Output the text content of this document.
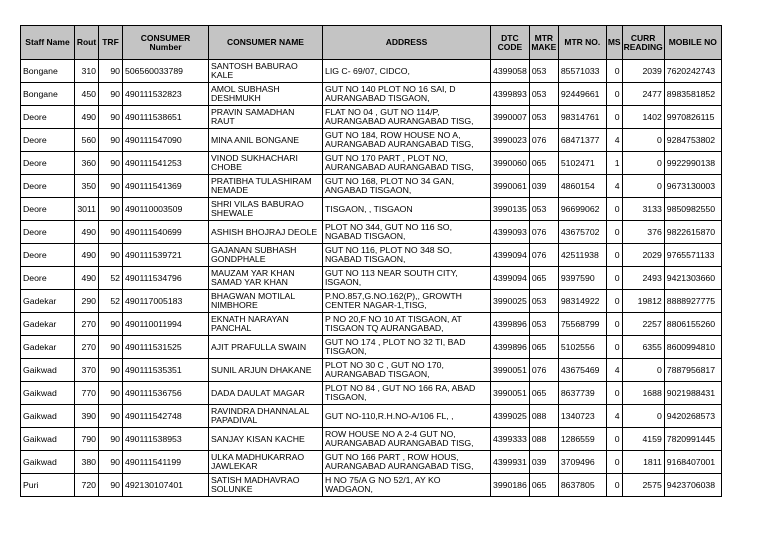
Staff Name	Rout	TRF	CONSUMER Number	CONSUMER NAME	ADDRESS	DTC CODE	MTR MAKE	MTR NO.	MS	CURR READING	MOBILE NO
Bongane	310	90	506560033789	SANTOSH BABURAO KALE	LIG C- 69/07, CIDCO,	4399058	053	85571033	0	2039	7620242743
Bongane	450	90	490111532823	AMOL SUBHASH DESHMUKH	GUT NO 140 PLOT NO 16 SAI, D AURANGABAD TISGAON,	4399893	053	92449661	0	2477	8983581852
Deore	490	90	490111538651	PRAVIN SAMADHAN RAUT	FLAT NO 04 , GUT NO 114/P, AURANGABAD AURANGABAD TISG,	3990007	053	98314761	0	1402	9970826115
Deore	560	90	490111547090	MINA ANIL BONGANE	GUT NO 184, ROW HOUSE NO A, AURANGABAD AURANGABAD TISG,	3990023	076	68471377	4	0	9284753802
Deore	360	90	490111541253	VINOD SUKHACHARI CHOBE	GUT NO 170 PART , PLOT NO, AURANGABAD AURANGABAD TISG,	3990060	065	5102471	1	0	9922990138
Deore	350	90	490111541369	PRATIBHA TULASHIRAM NEMADE	GUT NO 168, PLOT NO 34 GAN, ANGABAD TISGAON,	3990061	039	4860154	4	0	9673130003
Deore	3011	90	490110003509	SHRI VILAS BABURAO SHEWALE	TISGAON, , TISGAON	3990135	053	96699062	0	3133	9850982550
Deore	490	90	490111540699	ASHISH BHOJRAJ DEOLE	PLOT NO 344, GUT NO 116 SO, NGABAD TISGAON,	4399093	076	43675702	0	376	9822615870
Deore	490	90	490111539721	GAJANAN SUBHASH GONDPHALE	GUT NO 116, PLOT NO 348 SO, NGABAD TISGAON,	4399094	076	42511938	0	2029	9765571133
Deore	490	52	490111534796	MAUZAM YAR KHAN SAMAD YAR KHAN	GUT NO 113 NEAR SOUTH CITY, ISGAON,	4399094	065	9397590	0	2493	9421303660
Gadekar	290	52	490117005183	BHAGWAN MOTILAL NIMBHORE	P.NO.857,G.NO.162(P),, GROWTH CENTER NAGAR-1,TISG,	3990025	053	98314922	0	19812	8888927775
Gadekar	270	90	490110011994	EKNATH NARAYAN PANCHAL	P NO 20,F NO 10 AT TISGAON, AT TISGAON TQ AURANGABAD,	4399896	053	75568799	0	2257	8806155260
Gadekar	270	90	490111531525	AJIT PRAFULLA SWAIN	GUT NO 174 , PLOT NO 32 TI, BAD TISGAON,	4399896	065	5102556	0	6355	8600994810
Gaikwad	370	90	490111535351	SUNIL ARJUN DHAKANE	PLOT NO 30 C , GUT NO 170, AURANGABAD TISGAON,	3990051	076	43675469	4	0	7887956817
Gaikwad	770	90	490111536756	DADA DAULAT MAGAR	PLOT NO 84 , GUT NO 166 RA, ABAD TISGAON,	3990051	065	8637739	0	1688	9021988431
Gaikwad	390	90	490111542748	RAVINDRA DHANNALAL PAPADIVAL	GUT NO-110,R.H.NO-A/106 FL, ,	4399025	088	1340723	4	0	9420268573
Gaikwad	790	90	490111538953	SANJAY KISAN KACHE	ROW HOUSE NO A 2-4 GUT NO, AURANGABAD AURANGABAD TISG,	4399333	088	1286559	0	4159	7820991445
Gaikwad	380	90	490111541199	ULKA MADHUKARRAO JAWLEKAR	GUT NO 166 PART , ROW HOUS, AURANGABAD AURANGABAD TISG,	4399931	039	3709496	0	1811	9168407001
Puri	720	90	492130107401	SATISH MADHAVRAO SOLUNKE	H NO 75/A G NO 52/1, AY KO WADGAON,	3990186	065	8637805	0	2575	9423706038
